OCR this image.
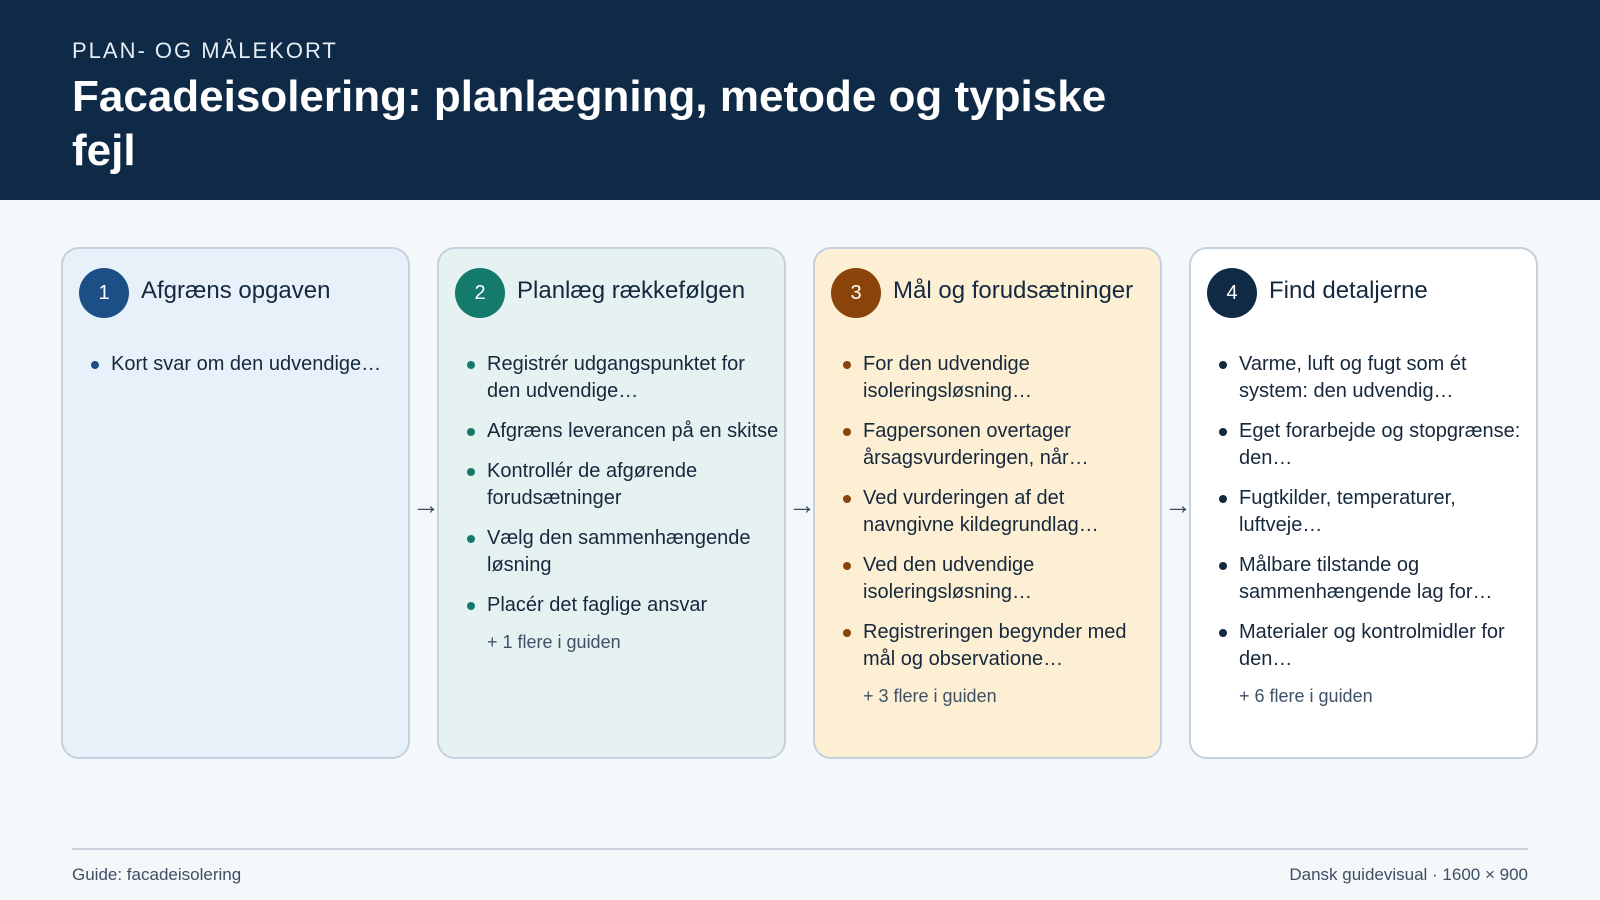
PLAN- OG MÅLEKORT
Facadeisolering: planlægning, metode og typiske fejl
1	Afgræns opgaven
Kort svar om den udvendige…
2	Planlæg rækkefølgen
Registrér udgangspunktet for den udvendige…
Afgræns leverancen på en skitse
Kontrollér de afgørende forudsætninger
Vælg den sammenhængende løsning
Placér det faglige ansvar
+ 1 flere i guiden
3	Mål og forudsætninger
For den udvendige isoleringsløsning…
Fagpersonen overtager årsagsvurderingen, når…
Ved vurderingen af det navngivne kildegrundlag…
Ved den udvendige isoleringsløsning…
Registreringen begynder med mål og observatione…
+ 3 flere i guiden
4	Find detaljerne
Varme, luft og fugt som ét system: den udvendig…
Eget forarbejde og stopgrænse: den…
Fugtkilder, temperaturer, luftveje…
Målbare tilstande og sammenhængende lag for…
Materialer og kontrolmidler for den…
+ 6 flere i guiden
→	→	→
Guide: facadeisolering	Dansk guidevisual · 1600 × 900
